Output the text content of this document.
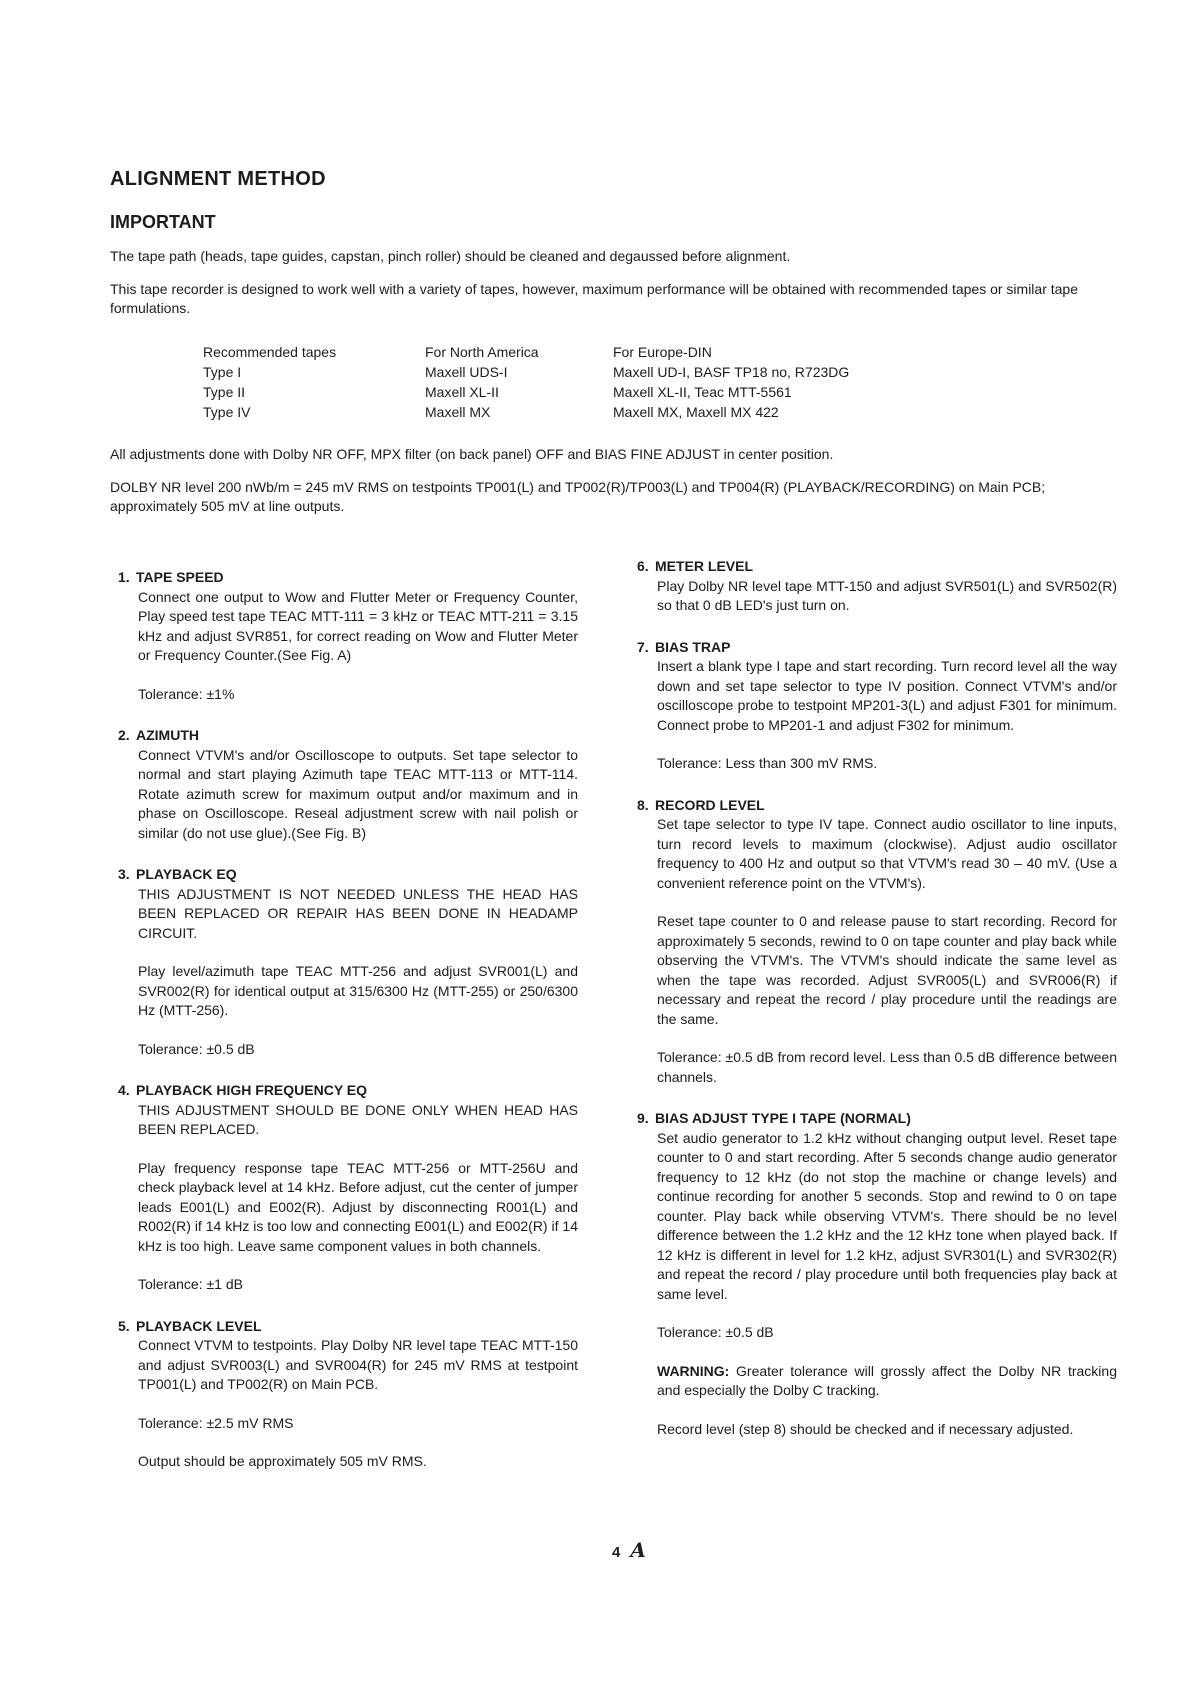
ALIGNMENT METHOD
IMPORTANT
The tape path (heads, tape guides, capstan, pinch roller) should be cleaned and degaussed before alignment.
This tape recorder is designed to work well with a variety of tapes, however, maximum performance will be obtained with recommended tapes or similar tape formulations.
Recommended tapes
Type I
Type II
Type IV
For North America
Maxell UDS-I
Maxell XL-II
Maxell MX
For Europe-DIN
Maxell UD-I, BASF TP18 no, R723DG
Maxell XL-II, Teac MTT-5561
Maxell MX, Maxell MX 422
All adjustments done with Dolby NR OFF, MPX filter (on back panel) OFF and BIAS FINE ADJUST in center position.
DOLBY NR level 200 nWb/m = 245 mV RMS on testpoints TP001(L) and TP002(R)/TP003(L) and TP004(R) (PLAYBACK/RECORDING) on Main PCB; approximately 505 mV at line outputs.
1. TAPE SPEED
Connect one output to Wow and Flutter Meter or Frequency Counter, Play speed test tape TEAC MTT-111 = 3 kHz or TEAC MTT-211 = 3.15 kHz and adjust SVR851, for correct reading on Wow and Flutter Meter or Frequency Counter.(See Fig. A)
Tolerance: ±1%
2. AZIMUTH
Connect VTVM's and/or Oscilloscope to outputs. Set tape selector to normal and start playing Azimuth tape TEAC MTT-113 or MTT-114. Rotate azimuth screw for maximum output and/or maximum and in phase on Oscilloscope. Reseal adjustment screw with nail polish or similar (do not use glue).(See Fig. B)
3. PLAYBACK EQ
THIS ADJUSTMENT IS NOT NEEDED UNLESS THE HEAD HAS BEEN REPLACED OR REPAIR HAS BEEN DONE IN HEADAMP CIRCUIT.
Play level/azimuth tape TEAC MTT-256 and adjust SVR001(L) and SVR002(R) for identical output at 315/6300 Hz (MTT-255) or 250/6300 Hz (MTT-256).
Tolerance: ±0.5 dB
4. PLAYBACK HIGH FREQUENCY EQ
THIS ADJUSTMENT SHOULD BE DONE ONLY WHEN HEAD HAS BEEN REPLACED.
Play frequency response tape TEAC MTT-256 or MTT-256U and check playback level at 14 kHz. Before adjust, cut the center of jumper leads E001(L) and E002(R). Adjust by disconnecting R001(L) and R002(R) if 14 kHz is too low and connecting E001(L) and E002(R) if 14 kHz is too high. Leave same component values in both channels.
Tolerance: ±1 dB
5. PLAYBACK LEVEL
Connect VTVM to testpoints. Play Dolby NR level tape TEAC MTT-150 and adjust SVR003(L) and SVR004(R) for 245 mV RMS at testpoint TP001(L) and TP002(R) on Main PCB.
Tolerance: ±2.5 mV RMS
Output should be approximately 505 mV RMS.
6. METER LEVEL
Play Dolby NR level tape MTT-150 and adjust SVR501(L) and SVR502(R) so that 0 dB LED's just turn on.
7. BIAS TRAP
Insert a blank type I tape and start recording. Turn record level all the way down and set tape selector to type IV position. Connect VTVM's and/or oscilloscope probe to testpoint MP201-3(L) and adjust F301 for minimum. Connect probe to MP201-1 and adjust F302 for minimum.
Tolerance: Less than 300 mV RMS.
8. RECORD LEVEL
Set tape selector to type IV tape. Connect audio oscillator to line inputs, turn record levels to maximum (clockwise). Adjust audio oscillator frequency to 400 Hz and output so that VTVM's read 30 – 40 mV. (Use a convenient reference point on the VTVM's).
Reset tape counter to 0 and release pause to start recording. Record for approximately 5 seconds, rewind to 0 on tape counter and play back while observing the VTVM's. The VTVM's should indicate the same level as when the tape was recorded. Adjust SVR005(L) and SVR006(R) if necessary and repeat the record / play procedure until the readings are the same.
Tolerance: ±0.5 dB from record level. Less than 0.5 dB difference between channels.
9. BIAS ADJUST TYPE I TAPE (NORMAL)
Set audio generator to 1.2 kHz without changing output level. Reset tape counter to 0 and start recording. After 5 seconds change audio generator frequency to 12 kHz (do not stop the machine or change levels) and continue recording for another 5 seconds. Stop and rewind to 0 on tape counter. Play back while observing VTVM's. There should be no level difference between the 1.2 kHz and the 12 kHz tone when played back. If 12 kHz is different in level for 1.2 kHz, adjust SVR301(L) and SVR302(R) and repeat the record / play procedure until both frequencies play back at same level.
Tolerance: ±0.5 dB
WARNING: Greater tolerance will grossly affect the Dolby NR tracking and especially the Dolby C tracking.
Record level (step 8) should be checked and if necessary adjusted.
4 A
